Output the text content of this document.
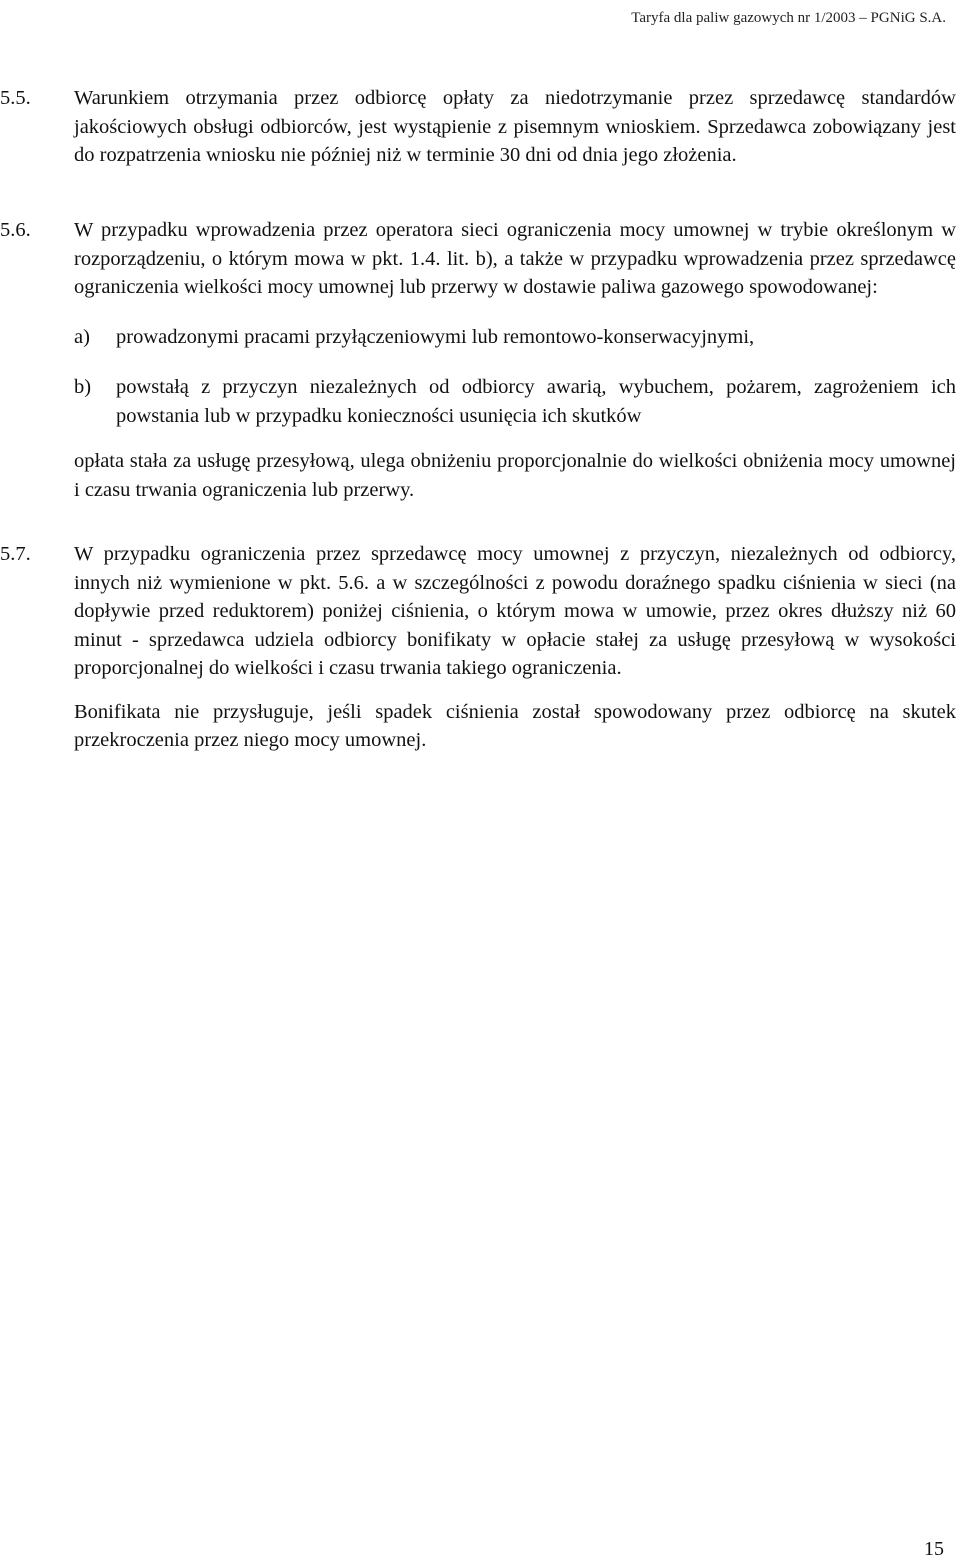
Taryfa dla paliw gazowych nr 1/2003 – PGNiG S.A.
5.5. Warunkiem otrzymania przez odbiorcę opłaty za niedotrzymanie przez sprzedawcę standardów jakościowych obsługi odbiorców, jest wystąpienie z pisemnym wnioskiem. Sprzedawca zobowiązany jest do rozpatrzenia wniosku nie później niż w terminie 30 dni od dnia jego złożenia.
5.6. W przypadku wprowadzenia przez operatora sieci ograniczenia mocy umownej w trybie określonym w rozporządzeniu, o którym mowa w pkt. 1.4. lit. b), a także w przypadku wprowadzenia przez sprzedawcę ograniczenia wielkości mocy umownej lub przerwy w dostawie paliwa gazowego spowodowanej:
a) prowadzonymi pracami przyłączeniowymi lub remontowo-konserwacyjnymi,
b) powstałą z przyczyn niezależnych od odbiorcy awarią, wybuchem, pożarem, zagrożeniem ich powstania lub w przypadku konieczności usunięcia ich skutków
opłata stała za usługę przesyłową, ulega obniżeniu proporcjonalnie do wielkości obniżenia mocy umownej i czasu trwania ograniczenia lub przerwy.
5.7. W przypadku ograniczenia przez sprzedawcę mocy umownej z przyczyn, niezależnych od odbiorcy, innych niż wymienione w pkt. 5.6. a w szczególności z powodu doraźnego spadku ciśnienia w sieci (na dopływie przed reduktorem) poniżej ciśnienia, o którym mowa w umowie, przez okres dłuższy niż 60 minut - sprzedawca udziela odbiorcy bonifikaty w opłacie stałej za usługę przesyłową w wysokości proporcjonalnej do wielkości i czasu trwania takiego ograniczenia.
Bonifikata nie przysługuje, jeśli spadek ciśnienia został spowodowany przez odbiorcę na skutek przekroczenia przez niego mocy umownej.
15
